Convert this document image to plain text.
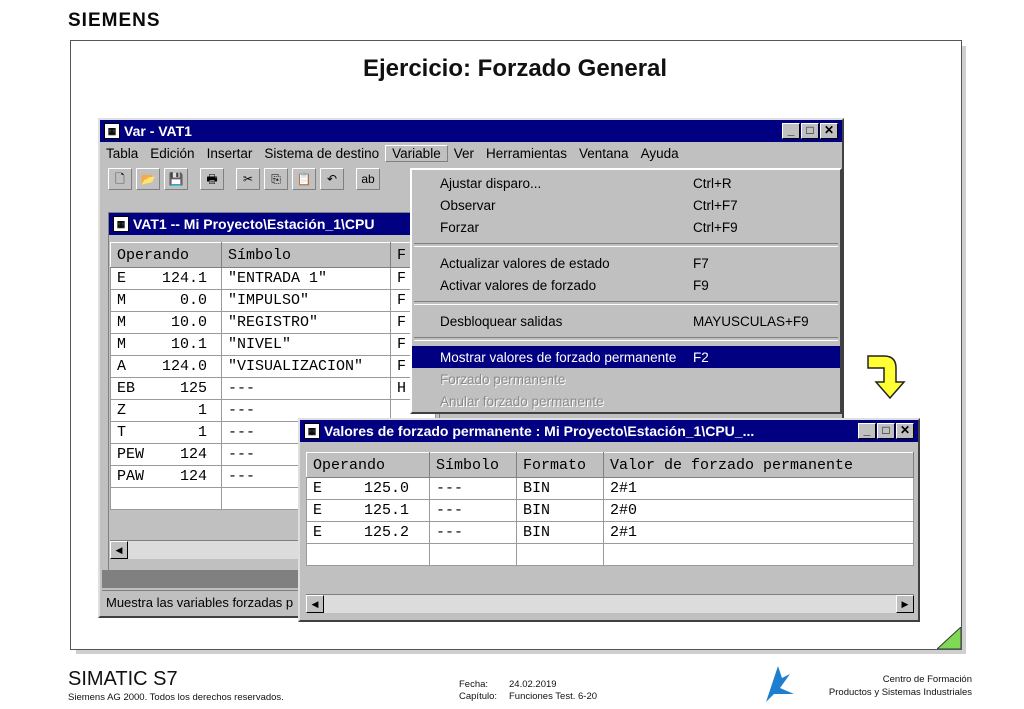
SIEMENS
Ejercicio: Forzado General
▦ Var - VAT1	_	□ ✕
Tabla Edición Insertar Sistema de destino Variable Ver Herramientas Ventana Ayuda
🗋	📂	💾	🖶	✂	⎘	📋	↶	ab
▦ VAT1 -- Mi Proyecto\Estación_1\CPU
Operando	Símbolo	F
E 124.1	"ENTRADA 1"	F
M 0.0	"IMPULSO"	F
M 10.0	"REGISTRO"	F
M 10.1	"NIVEL"	F
A 124.0	"VISUALIZACION"	F
EB 125	---	H
Z 1	---	
T 1	---	
PEW 124	---	
PAW 124	---	

◀
Muestra las variables forzadas p
Ajustar disparo...	Ctrl+R
Observar	Ctrl+F7
Forzar	Ctrl+F9
Actualizar valores de estado	F7
Activar valores de forzado	F9
Desbloquear salidas	MAYUSCULAS+F9
Mostrar valores de forzado permanente	F2
Forzado permanente
Anular forzado permanente
▦ Valores de forzado permanente : Mi Proyecto\Estación_1\CPU_...	_	□ ✕
Operando	Símbolo	Formato	Valor de forzado permanente
E 125.0	---	BIN	2#1
E 125.1	---	BIN	2#0
E 125.2	---	BIN	2#1

◀	▶
SIMATIC S7
Siemens AG 2000. Todos los derechos reservados.
Fecha: 24.02.2019
Capítulo: Funciones Test. 6-20
Centro de Formación
Productos y Sistemas Industriales
